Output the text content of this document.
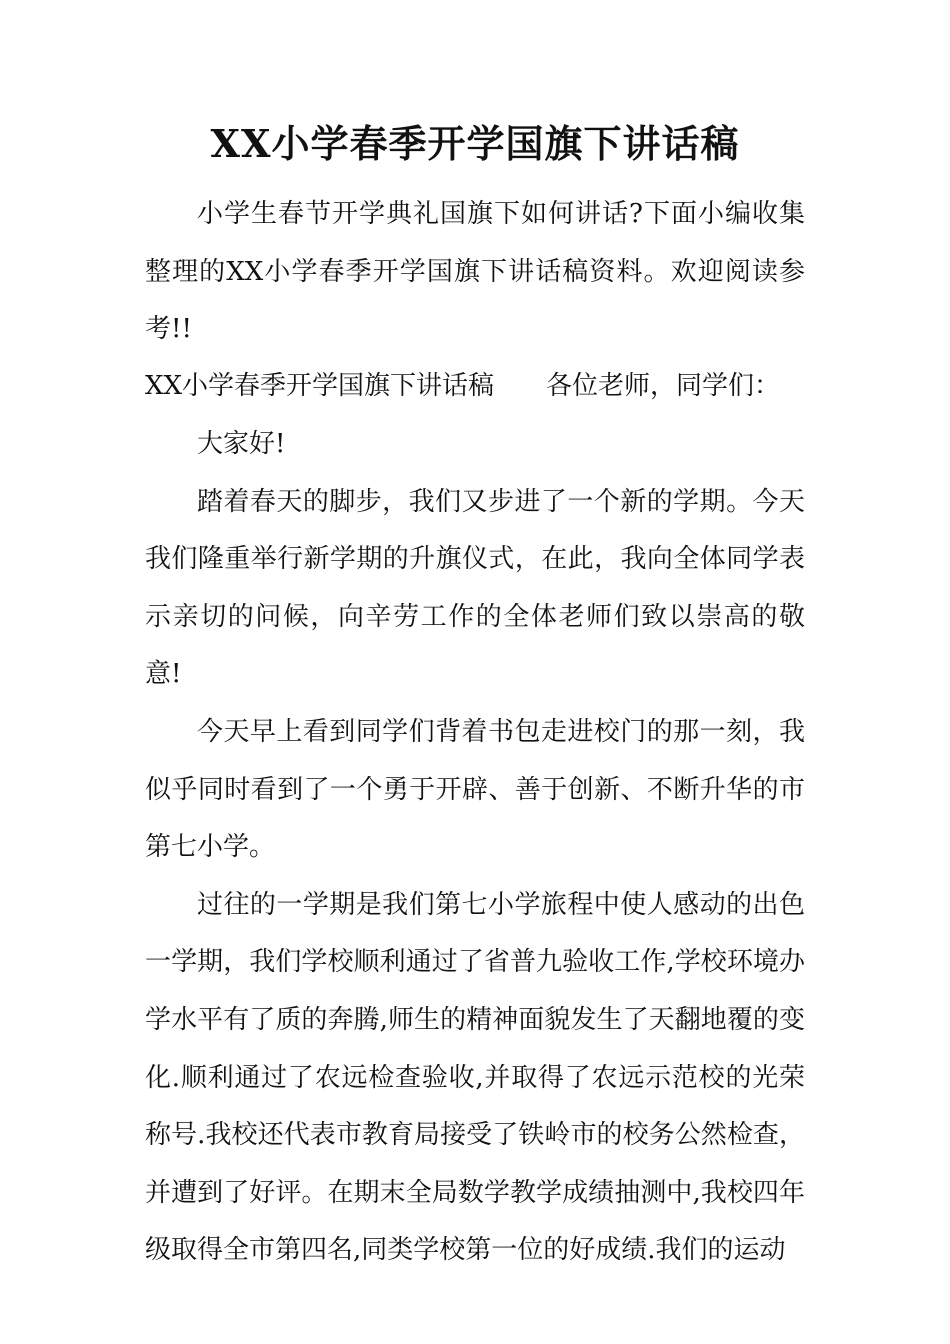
XX小学春季开学国旗下讲话稿

小学生春节开学典礼国旗下如何讲话?下面小编收集整理的XX小学春季开学国旗下讲话稿资料。欢迎阅读参考!!

XX小学春季开学国旗下讲话稿 各位老师，同学们：

大家好!

踏着春天的脚步，我们又步进了一个新的学期。今天我们隆重举行新学期的升旗仪式，在此，我向全体同学表示亲切的问候，向辛劳工作的全体老师们致以崇高的敬意!

今天早上看到同学们背着书包走进校门的那一刻，我似乎同时看到了一个勇于开辟、善于创新、不断升华的市第七小学。

过往的一学期是我们第七小学旅程中使人感动的出色一学期，我们学校顺利通过了省普九验收工作,学校环境办学水平有了质的奔腾,师生的精神面貌发生了天翻地覆的变化.顺利通过了农远检查验收,并取得了农远示范校的光荣称号.我校还代表市教育局接受了铁岭市的校务公然检查，并遭到了好评。在期末全局数学教学成绩抽测中,我校四年级取得全市第四名,同类学校第一位的好成绩.我们的运动
